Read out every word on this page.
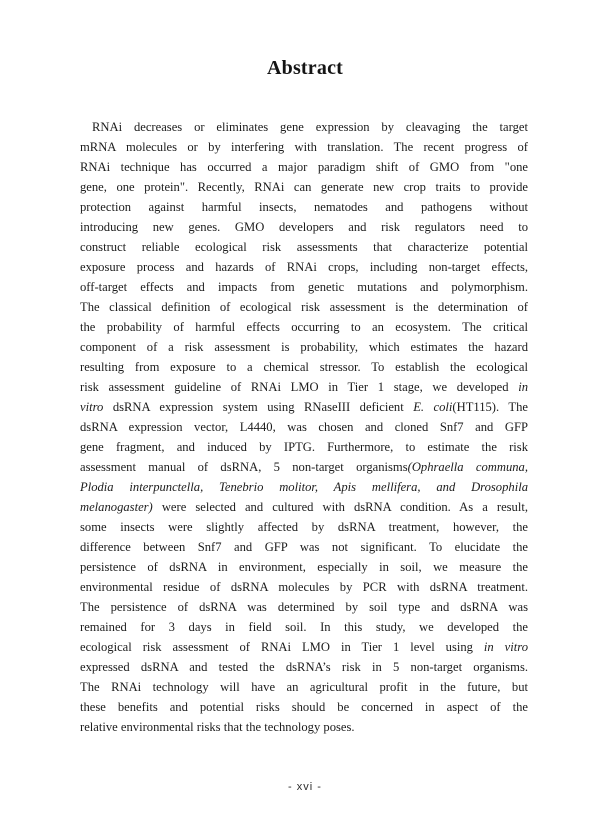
Abstract
RNAi decreases or eliminates gene expression by cleavaging the target
mRNA molecules or by interfering with translation. The recent progress of
RNAi technique has occurred a major paradigm shift of GMO from "one
gene, one protein". Recently, RNAi can generate new crop traits to provide
protection against harmful insects, nematodes and pathogens without
introducing new genes. GMO developers and risk regulators need to
construct reliable ecological risk assessments that characterize potential
exposure process and hazards of RNAi crops, including non-target effects,
off-target effects and impacts from genetic mutations and polymorphism.
The classical definition of ecological risk assessment is the determination of
the probability of harmful effects occurring to an ecosystem. The critical
component of a risk assessment is probability, which estimates the hazard
resulting from exposure to a chemical stressor. To establish the ecological
risk assessment guideline of RNAi LMO in Tier 1 stage, we developed in
vitro dsRNA expression system using RNaseIII deficient E. coli(HT115). The
dsRNA expression vector, L4440, was chosen and cloned Snf7 and GFP
gene fragment, and induced by IPTG. Furthermore, to estimate the risk
assessment manual of dsRNA, 5 non-target organisms(Ophraella communa,
Plodia interpunctella, Tenebrio molitor, Apis mellifera, and Drosophila
melanogaster) were selected and cultured with dsRNA condition. As a result,
some insects were slightly affected by dsRNA treatment, however, the
difference between Snf7 and GFP was not significant. To elucidate the
persistence of dsRNA in environment, especially in soil, we measure the
environmental residue of dsRNA molecules by PCR with dsRNA treatment.
The persistence of dsRNA was determined by soil type and dsRNA was
remained for 3 days in field soil. In this study, we developed the
ecological risk assessment of RNAi LMO in Tier 1 level using in vitro
expressed dsRNA and tested the dsRNA’s risk in 5 non-target organisms.
The RNAi technology will have an agricultural profit in the future, but
these benefits and potential risks should be concerned in aspect of the
relative environmental risks that the technology poses.
- xvi -
